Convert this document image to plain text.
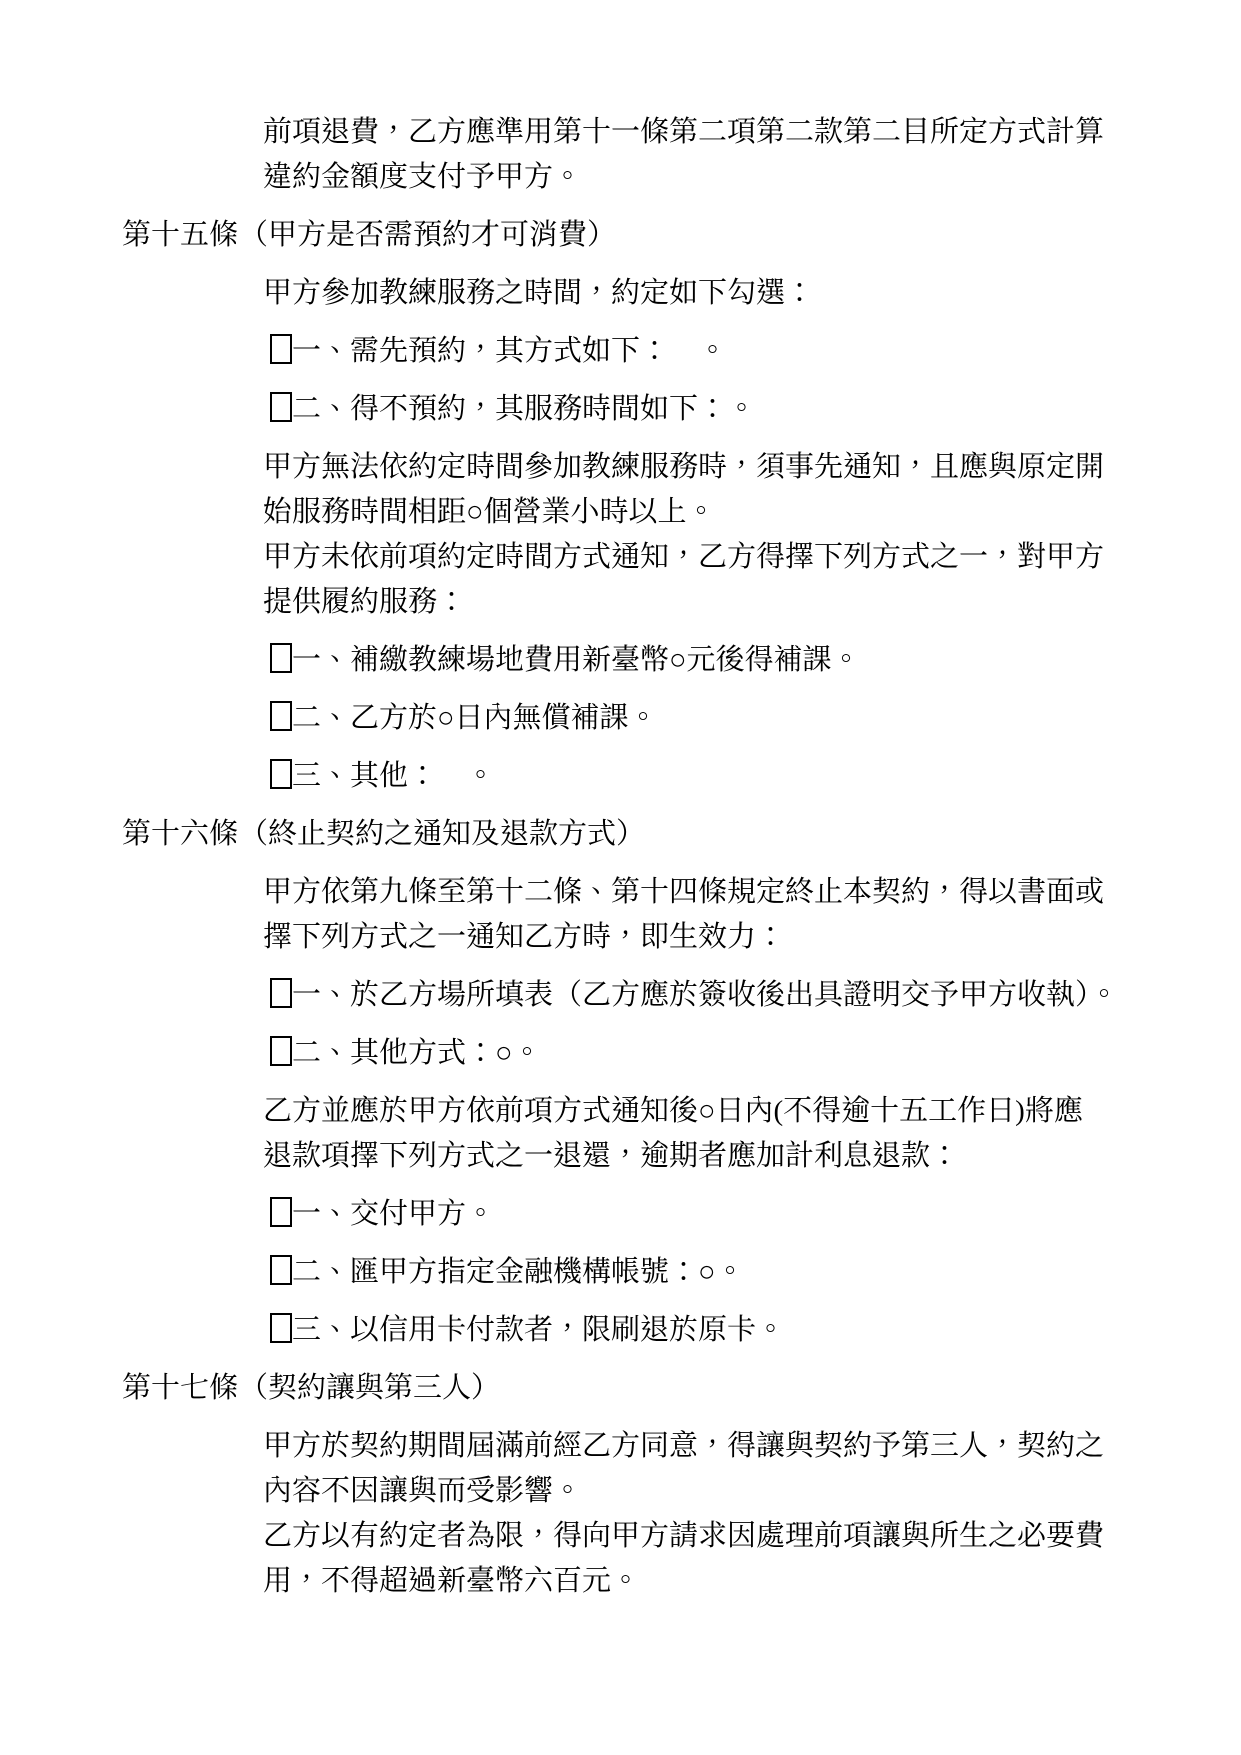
前項退費，乙方應準用第十一條第二項第二款第二目所定方式計算
違約金額度支付予甲方。
第十五條（甲方是否需預約才可消費）
甲方參加教練服務之時間，約定如下勾選：
一、需先預約，其方式如下：　。
二、得不預約，其服務時間如下：。
甲方無法依約定時間參加教練服務時，須事先通知，且應與原定開
始服務時間相距○個營業小時以上。
甲方未依前項約定時間方式通知，乙方得擇下列方式之一，對甲方
提供履約服務：
一、補繳教練場地費用新臺幣○元後得補課。
二、乙方於○日內無償補課。
三、其他：　。
第十六條（終止契約之通知及退款方式）
甲方依第九條至第十二條、第十四條規定終止本契約，得以書面或
擇下列方式之一通知乙方時，即生效力：
一、於乙方場所填表（乙方應於簽收後出具證明交予甲方收執）。
二、其他方式：○。
乙方並應於甲方依前項方式通知後○日內(不得逾十五工作日)將應
退款項擇下列方式之一退還，逾期者應加計利息退款：
一、交付甲方。
二、匯甲方指定金融機構帳號：○。
三、以信用卡付款者，限刷退於原卡。
第十七條（契約讓與第三人）
甲方於契約期間屆滿前經乙方同意，得讓與契約予第三人，契約之
內容不因讓與而受影響。
乙方以有約定者為限，得向甲方請求因處理前項讓與所生之必要費
用，不得超過新臺幣六百元。
